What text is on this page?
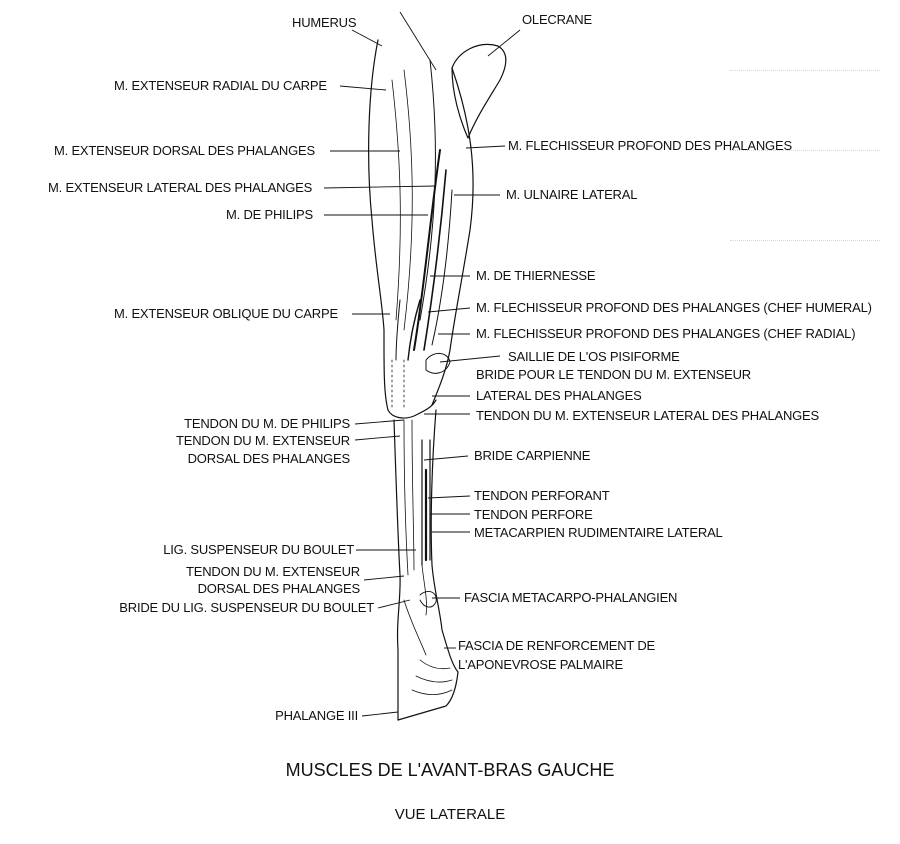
HUMERUS	OLECRANE
M. EXTENSEUR RADIAL DU CARPE
M. EXTENSEUR DORSAL DES PHALANGES
M. EXTENSEUR LATERAL DES PHALANGES
M. DE PHILIPS
M. EXTENSEUR OBLIQUE DU CARPE
M. FLECHISSEUR PROFOND DES PHALANGES
M. ULNAIRE LATERAL
M. DE THIERNESSE
M. FLECHISSEUR PROFOND DES PHALANGES (CHEF HUMERAL)
M. FLECHISSEUR PROFOND DES PHALANGES (CHEF RADIAL)
SAILLIE DE L'OS PISIFORME
BRIDE POUR LE TENDON DU M. EXTENSEUR
LATERAL DES PHALANGES
TENDON DU M. EXTENSEUR LATERAL DES PHALANGES
TENDON DU M. DE PHILIPS
TENDON DU M. EXTENSEUR
DORSAL DES PHALANGES	BRIDE CARPIENNE
TENDON PERFORANT
TENDON PERFORE
METACARPIEN RUDIMENTAIRE LATERAL
LIG. SUSPENSEUR DU BOULET
TENDON DU M. EXTENSEUR
DORSAL DES PHALANGES
BRIDE DU LIG. SUSPENSEUR DU BOULET
FASCIA METACARPO-PHALANGIEN
FASCIA DE RENFORCEMENT DE
L'APONEVROSE PALMAIRE
PHALANGE III
MUSCLES DE L'AVANT-BRAS GAUCHE
VUE LATERALE
